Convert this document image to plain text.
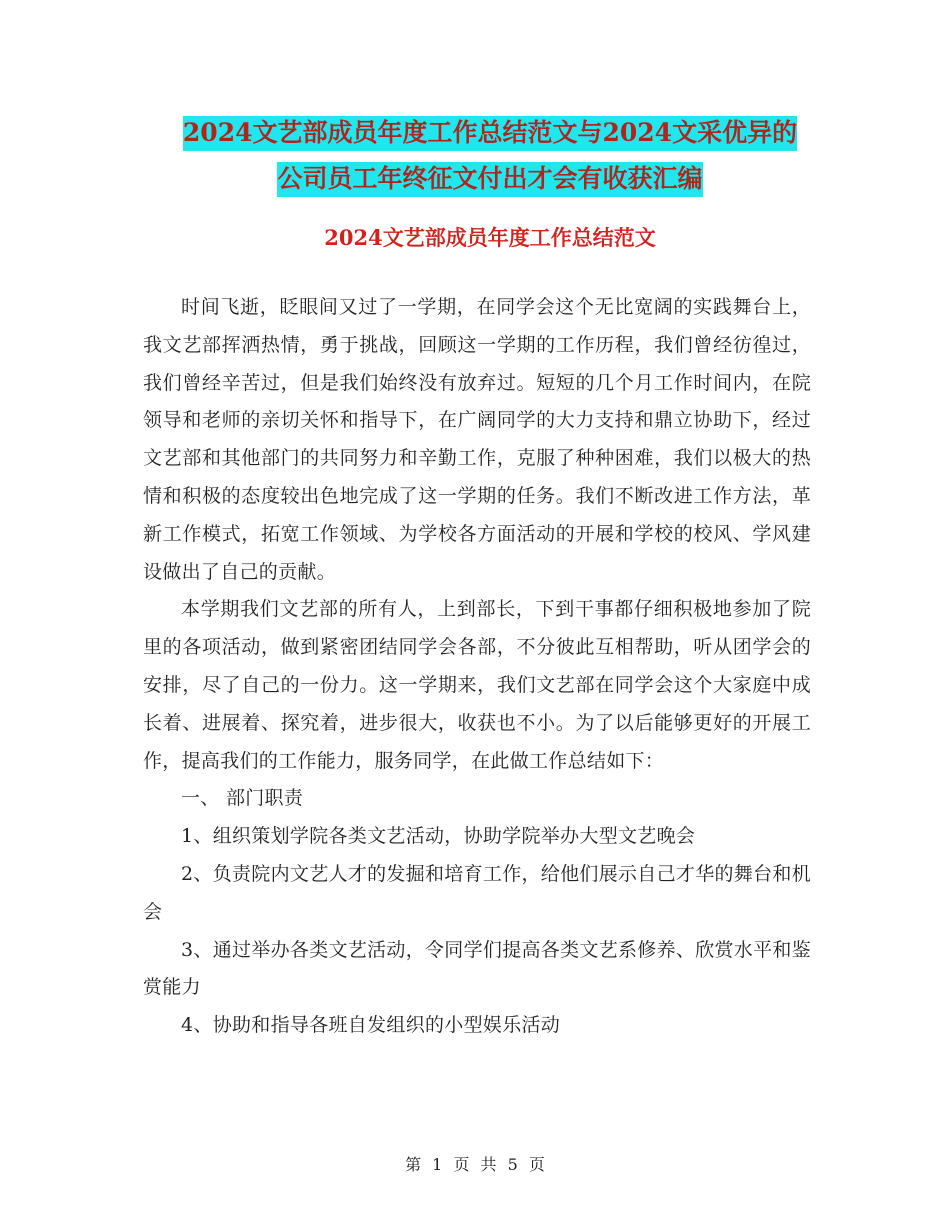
2024文艺部成员年度工作总结范文与2024文采优异的
公司员工年终征文付出才会有收获汇编
2024文艺部成员年度工作总结范文

时间飞逝，眨眼间又过了一学期，在同学会这个无比宽阔的实践舞台上，我文艺部挥洒热情，勇于挑战，回顾这一学期的工作历程，我们曾经彷徨过，我们曾经辛苦过，但是我们始终没有放弃过。短短的几个月工作时间内，在院领导和老师的亲切关怀和指导下，在广阔同学的大力支持和鼎立协助下，经过文艺部和其他部门的共同努力和辛勤工作，克服了种种困难，我们以极大的热情和积极的态度较出色地完成了这一学期的任务。我们不断改进工作方法，革新工作模式，拓宽工作领域、为学校各方面活动的开展和学校的校风、学风建设做出了自己的贡献。

本学期我们文艺部的所有人，上到部长，下到干事都仔细积极地参加了院里的各项活动，做到紧密团结同学会各部，不分彼此互相帮助，听从团学会的安排，尽了自己的一份力。这一学期来，我们文艺部在同学会这个大家庭中成长着、进展着、探究着，进步很大，收获也不小。为了以后能够更好的开展工作，提高我们的工作能力，服务同学，在此做工作总结如下：

一、 部门职责

1、组织策划学院各类文艺活动，协助学院举办大型文艺晚会

2、负责院内文艺人才的发掘和培育工作，给他们展示自己才华的舞台和机会

3、通过举办各类文艺活动，令同学们提高各类文艺系修养、欣赏水平和鉴赏能力

4、协助和指导各班自发组织的小型娱乐活动

第 1 页 共 5 页
